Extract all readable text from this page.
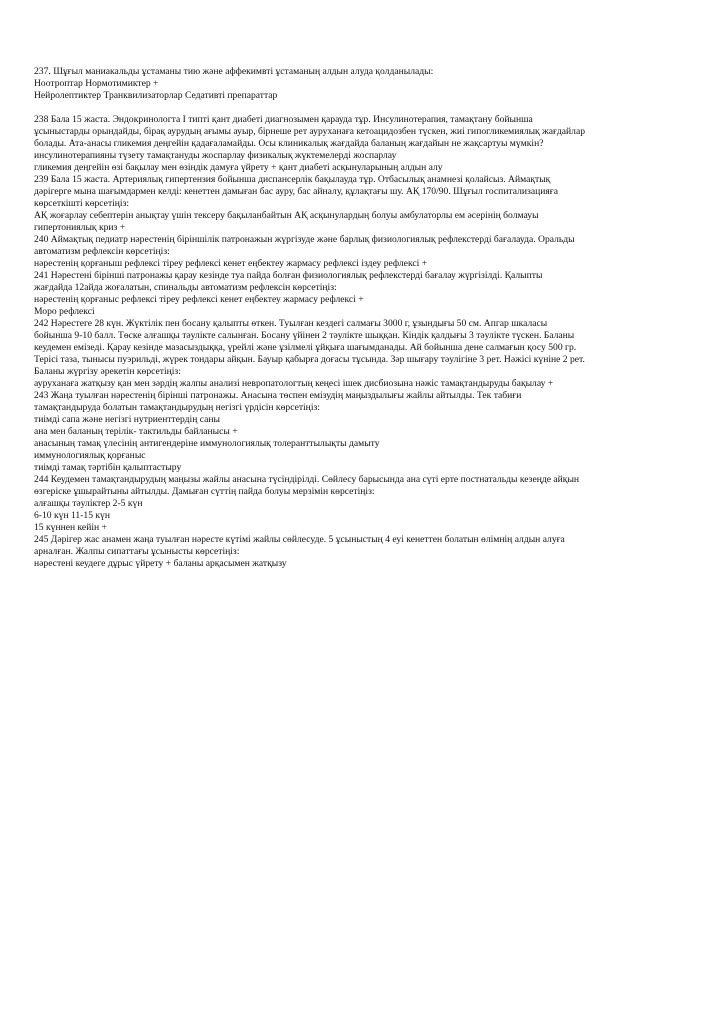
237. Шұғыл маниакальды ұстаманы тию және аффекимвті ұстаманың алдын алуда қолданылады:
Ноотроптар Нормотимиктер +
Нейролептиктер Транквилизаторлар Седативті препараттар
238 Бала 15 жаста. Эндокринологта I типті қант диабеті диагнозымен қарауда тұр. Инсулинотерапия, тамақтану бойынша
ұсыныстарды орындайды, бірақ аурудың ағымы ауыр, бірнеше рет ауруханаға кетоацидозбен түскен, жиі гипогликемиялық жағдайлар
болады. Ата-анасы гликемия деңгейін қадағаламайды. Осы клиникалық жағдайда баланың жағдайын не жақсартуы мүмкін?
инсулинотерапияны түзету тамақтануды жоспарлау физикалық жүктемелерді жоспарлау
гликемия деңгейін өзі бақылау мен өзіндік дамуға үйрету + қант диабеті асқынуларының алдын алу
239 Бала 15 жаста. Артериялық гипертензия бойынша диспансерлік бақылауда тұр. Отбасылық анамнезі қолайсыз. Аймақтық
дәрігерге мына шағымдармен келді: кенеттен дамыған бас ауру, бас айналу, құлақтағы шу. АҚ 170/90. Шұғыл госпитализацияға
көрсеткішті көрсетіңіз:
АҚ жоғарлау себептерін анықтау үшін тексеру бақыланбайтын АҚ асқынулардың болуы амбулаторлы ем әсерінің болмауы
гипертониялық криз +
240 Аймақтық педиатр нәрестенің біріншілік патронажын жүргізуде және барлық физиологиялық рефлекстерді бағалауда. Оральды
автоматизм рефлексін көрсетіңіз:
нәрестенің қорғаныш рефлексі тіреу рефлексі кенет еңбектеу жармасу рефлексі іздеу рефлексі +
241 Нәрестені бірінші патронажы қарау кезінде туа пайда болған физиологиялық рефлекстерді бағалау жүргізілді. Қалыпты
жағдайда 12айда жоғалатын, спинальды автоматизм рефлексін көрсетіңіз:
нәрестенің қорғаныс рефлексі тіреу рефлексі кенет еңбектеу жармасу рефлексі +
Моро рефлексі
242 Нәрестеге 28 күн. Жүктілік пен босану қалыпты өткен. Туылған кездегі салмағы 3000 г, ұзындығы 50 см. Апгар шкаласы
бойынша 9-10 балл. Төске алғашқы тәулікте салынған. Босану үйінен 2 тәулікте шыққан. Кіндік қалдығы 3 тәулікте түскен. Баланы
кеудемен емізеді. Қарау кезінде мазасыздыққа, үрейлі және ұзілмелі ұйқыға шағымданады. Ай бойынша дене салмағын қосу 500 гр.
Терісі таза, тынысы пуэрильді, жүрек тондары айқын. Бауыр қабырға доғасы тұсында. Зәр шығару тәулігіне 3 рет. Нәжісі күніне 2 рет.
Баланы жүргізу әрекетін көрсетіңіз:
ауруханаға жатқызу қан мен зәрдің жалпы анализі невропатологтың кеңесі ішек дисбиозына нәжіс тамақтандыруды бақылау +
243 Жаңа туылған нәрестенің бірінші патронажы. Анасына төспен емізудің маңыздылығы жайлы айтылды. Тек табиғи
тамақтандыруда болатын тамақтандырудың негізгі үрдісін көрсетіңіз:
тиімді сапа және негізгі нутриенттердің саны
ана мен баланың терілік- тактильды байланысы +
анасының тамақ үлесінің антигендеріне иммунологиялық толеранттылықты дамыту
иммунологиялық қорғаныс
тиімді тамақ тәртібін қалыптастыру
244 Кеудемен тамақтандырудың маңызы жайлы анасына түсіндірілді. Сөйлесу барысында ана сүті ерте постнатальды кезеңде айқын
өзгеріске ұшырайтыны айтылды. Дамыған сүттің пайда болуы мерзімін көрсетіңіз:
алғашқы тәуліктер 2-5 күн
6-10 күн 11-15 күн
15 күннен кейін +
245 Дәрігер жас анамен жаңа туылған нәресте күтімі жайлы сөйлесуде. 5 ұсыныстың 4 еуі кенеттен болатын өлімнің алдын алуға
арналған. Жалпы сипаттағы ұсынысты көрсетіңіз:
нәрестені кеудеге дұрыс үйрету + баланы арқасымен жатқызу
